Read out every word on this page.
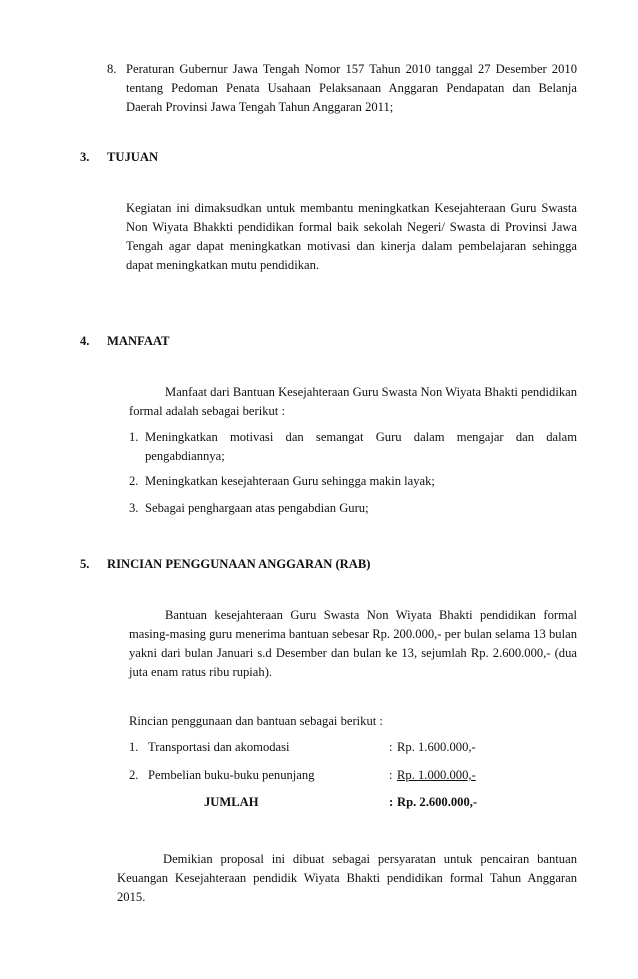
8. Peraturan Gubernur Jawa Tengah Nomor 157 Tahun 2010 tanggal 27 Desember 2010 tentang Pedoman Penata Usahaan Pelaksanaan Anggaran Pendapatan dan Belanja Daerah Provinsi Jawa Tengah Tahun Anggaran 2011;
3. TUJUAN
Kegiatan ini dimaksudkan untuk membantu meningkatkan Kesejahteraan Guru Swasta Non Wiyata Bhakkti pendidikan formal baik sekolah Negeri/ Swasta di Provinsi Jawa Tengah agar dapat meningkatkan motivasi dan kinerja dalam pembelajaran sehingga dapat meningkatkan mutu pendidikan.
4. MANFAAT
Manfaat dari Bantuan Kesejahteraan Guru Swasta Non Wiyata Bhakti pendidikan formal adalah sebagai berikut :
1. Meningkatkan motivasi dan semangat Guru dalam mengajar dan dalam pengabdiannya;
2. Meningkatkan kesejahteraan Guru sehingga makin layak;
3. Sebagai penghargaan atas pengabdian Guru;
5. RINCIAN PENGGUNAAN ANGGARAN (RAB)
Bantuan kesejahteraan Guru Swasta Non Wiyata Bhakti pendidikan formal masing-masing guru menerima bantuan sebesar Rp. 200.000,- per bulan selama 13 bulan yakni dari bulan Januari s.d Desember dan bulan ke 13, sejumlah Rp. 2.600.000,- (dua juta enam ratus ribu rupiah).
Rincian penggunaan dan bantuan sebagai berikut :
1. Transportasi dan akomodasi	: Rp. 1.600.000,-
2. Pembelian buku-buku penunjang	: Rp. 1.000.000,-
JUMLAH	: Rp. 2.600.000,-
Demikian proposal ini dibuat sebagai persyaratan untuk pencairan bantuan Keuangan Kesejahteraan pendidik Wiyata Bhakti pendidikan formal Tahun Anggaran 2015.
